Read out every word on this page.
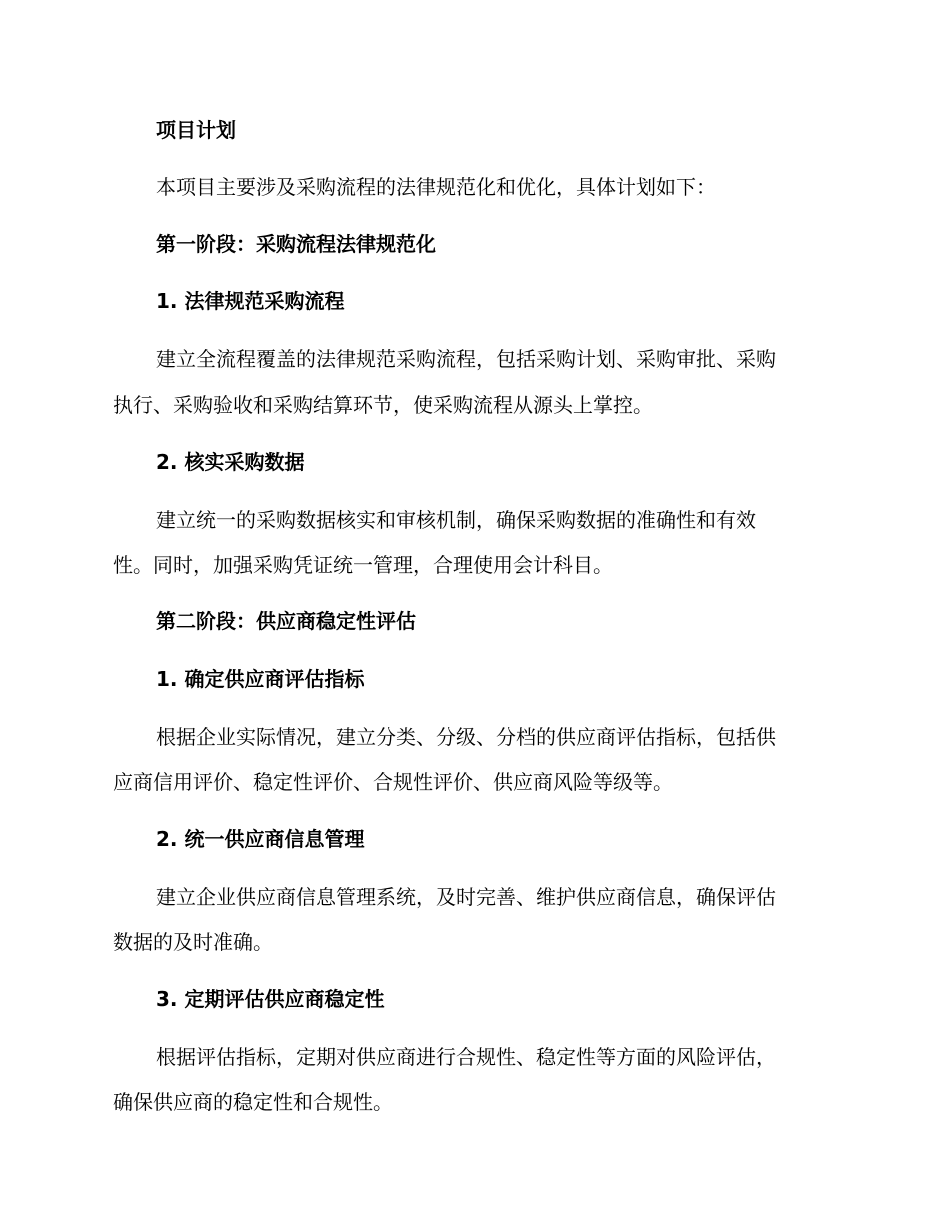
项目计划
本项目主要涉及采购流程的法律规范化和优化，具体计划如下：
第一阶段：采购流程法律规范化
1. 法律规范采购流程
建立全流程覆盖的法律规范采购流程，包括采购计划、采购审批、采购
执行、采购验收和采购结算环节，使采购流程从源头上掌控。
2. 核实采购数据
建立统一的采购数据核实和审核机制，确保采购数据的准确性和有效
性。同时，加强采购凭证统一管理，合理使用会计科目。
第二阶段：供应商稳定性评估
1. 确定供应商评估指标
根据企业实际情况，建立分类、分级、分档的供应商评估指标，包括供
应商信用评价、稳定性评价、合规性评价、供应商风险等级等。
2. 统一供应商信息管理
建立企业供应商信息管理系统，及时完善、维护供应商信息，确保评估
数据的及时准确。
3. 定期评估供应商稳定性
根据评估指标，定期对供应商进行合规性、稳定性等方面的风险评估，
确保供应商的稳定性和合规性。
